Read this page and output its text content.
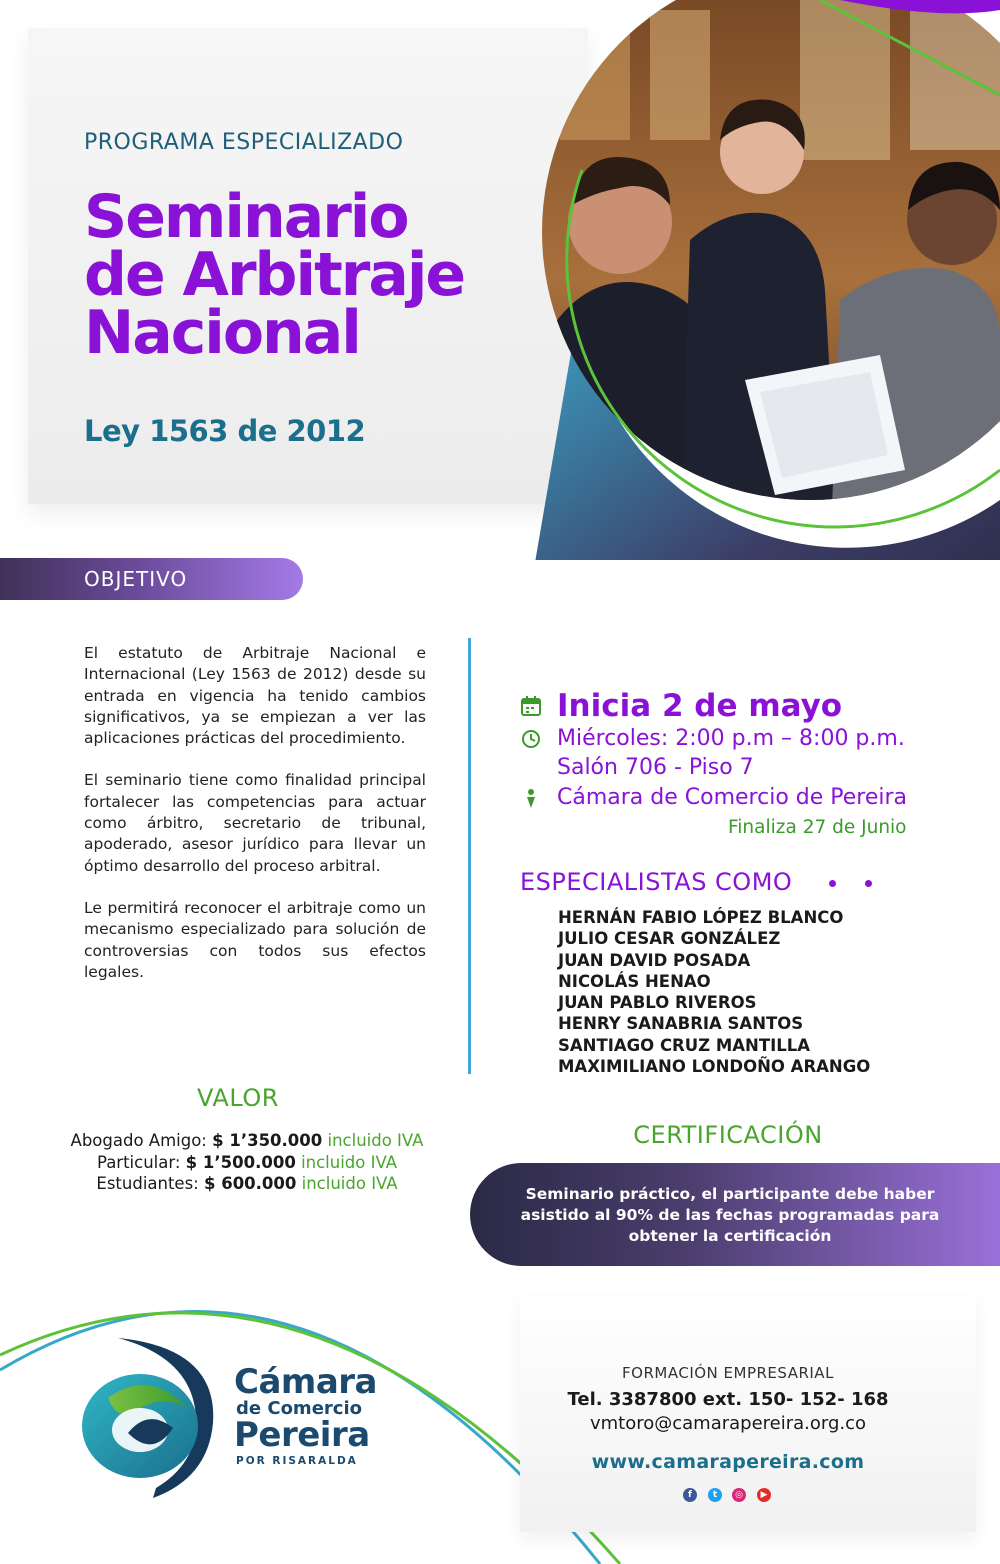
PROGRAMA ESPECIALIZADO
Seminario
de Arbitraje
Nacional
Ley 1563 de 2012
OBJETIVO

El estatuto de Arbitraje Nacional e Internacional (Ley 1563 de 2012) desde su entrada en vigencia ha tenido cambios significativos, ya se empiezan a ver las aplicaciones prácticas del procedimiento.

El seminario tiene como finalidad principal fortalecer las competencias para actuar como árbitro, secretario de tribunal, apoderado, asesor jurídico para llevar un óptimo desarrollo del proceso arbitral.

Le permitirá reconocer el arbitraje como un mecanismo especializado para solución de controversias con todos sus efectos legales.

Inicia 2 de mayo
Miércoles: 2:00 p.m – 8:00 p.m.
Salón 706 - Piso 7
Cámara de Comercio de Pereira
Finaliza 27 de Junio
ESPECIALISTAS COMO
HERNÁN FABIO LÓPEZ BLANCO
JULIO CESAR GONZÁLEZ
JUAN DAVID POSADA
NICOLÁS HENAO
JUAN PABLO RIVEROS
HENRY SANABRIA SANTOS
SANTIAGO CRUZ MANTILLA
MAXIMILIANO LONDOÑO ARANGO
VALOR
Abogado Amigo: $ 1’350.000 incluido IVA
Particular: $ 1’500.000 incluido IVA
Estudiantes: $ 600.000 incluido IVA
CERTIFICACIÓN

Seminario práctico, el participante debe haber asistido al 90% de las fechas programadas para obtener la certificación

FORMACIÓN EMPRESARIAL
Tel. 3387800 ext. 150- 152- 168
vmtoro@camarapereira.org.co
www.camarapereira.com
f	t	◎	▶
Cámara
de Comercio
Pereira
POR RISARALDA
